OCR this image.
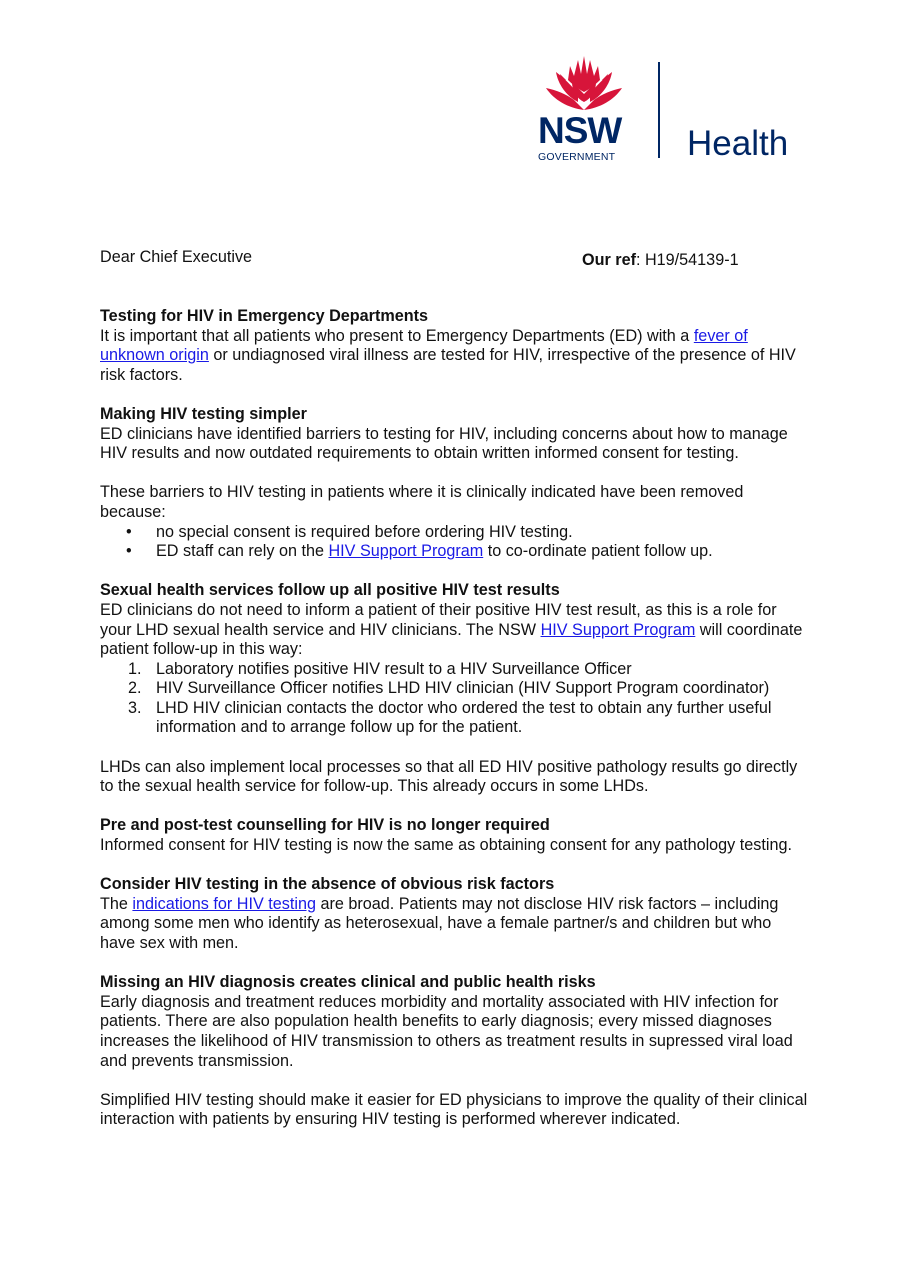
NSW
GOVERNMENT Health
Dear Chief Executive	Our ref: H19/54139-1
Testing for HIV in Emergency Departments

It is important that all patients who present to Emergency Departments (ED) with a fever of unknown origin or undiagnosed viral illness are tested for HIV, irrespective of the presence of HIV risk factors.

Making HIV testing simpler

ED clinicians have identified barriers to testing for HIV, including concerns about how to manage HIV results and now outdated requirements to obtain written informed consent for testing.

These barriers to HIV testing in patients where it is clinically indicated have been removed because:

• no special consent is required before ordering HIV testing.
• ED staff can rely on the HIV Support Program to co-ordinate patient follow up.
Sexual health services follow up all positive HIV test results

ED clinicians do not need to inform a patient of their positive HIV test result, as this is a role for your LHD sexual health service and HIV clinicians. The NSW HIV Support Program will coordinate patient follow-up in this way:

1. Laboratory notifies positive HIV result to a HIV Surveillance Officer
2. HIV Surveillance Officer notifies LHD HIV clinician (HIV Support Program coordinator)
3. LHD HIV clinician contacts the doctor who ordered the test to obtain any further useful information and to arrange follow up for the patient.

LHDs can also implement local processes so that all ED HIV positive pathology results go directly to the sexual health service for follow-up. This already occurs in some LHDs.

Pre and post-test counselling for HIV is no longer required

Informed consent for HIV testing is now the same as obtaining consent for any pathology testing.

Consider HIV testing in the absence of obvious risk factors

The indications for HIV testing are broad. Patients may not disclose HIV risk factors – including among some men who identify as heterosexual, have a female partner/s and children but who have sex with men.

Missing an HIV diagnosis creates clinical and public health risks

Early diagnosis and treatment reduces morbidity and mortality associated with HIV infection for patients. There are also population health benefits to early diagnosis; every missed diagnoses increases the likelihood of HIV transmission to others as treatment results in supressed viral load and prevents transmission.

Simplified HIV testing should make it easier for ED physicians to improve the quality of their clinical interaction with patients by ensuring HIV testing is performed wherever indicated.
